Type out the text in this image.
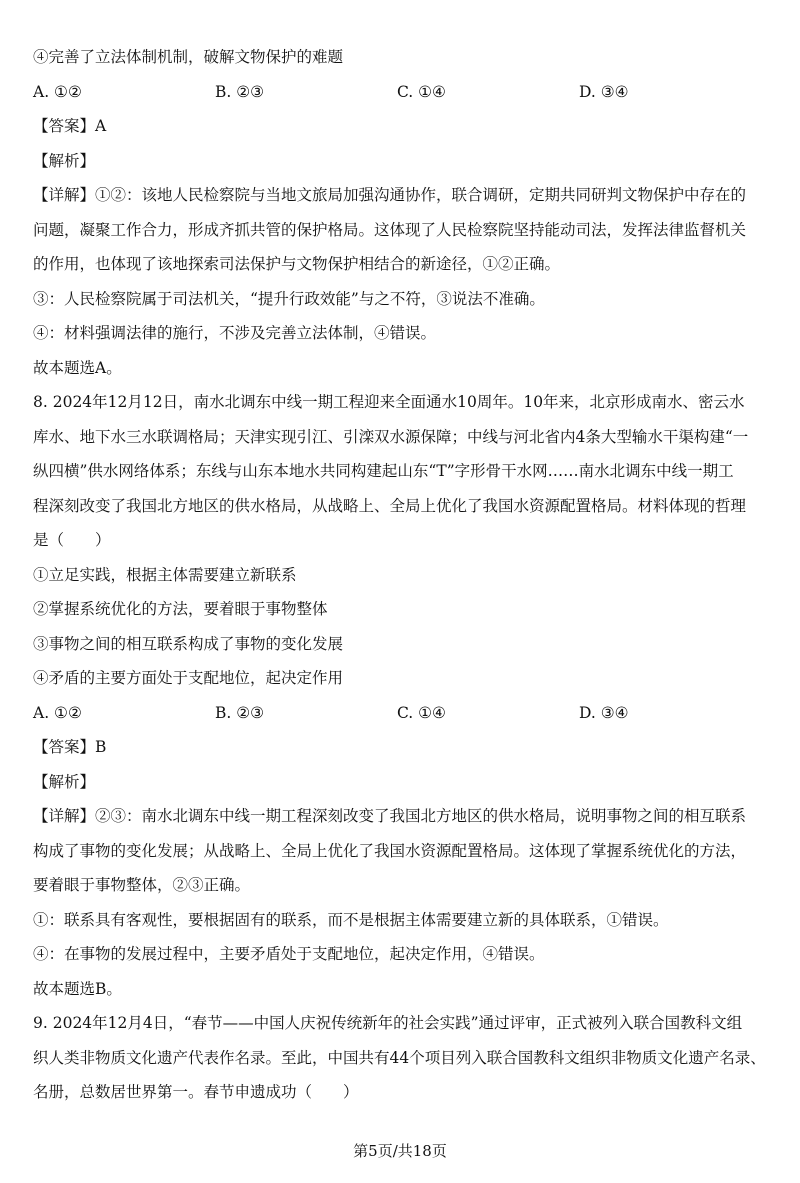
④完善了立法体制机制，破解文物保护的难题
A. ①②	B. ②③	C. ①④	D. ③④
【答案】A
【解析】
【详解】①②：该地人民检察院与当地文旅局加强沟通协作，联合调研，定期共同研判文物保护中存在的
问题，凝聚工作合力，形成齐抓共管的保护格局。这体现了人民检察院坚持能动司法，发挥法律监督机关
的作用，也体现了该地探索司法保护与文物保护相结合的新途径，①②正确。
③：人民检察院属于司法机关，“提升行政效能”与之不符，③说法不准确。
④：材料强调法律的施行，不涉及完善立法体制，④错误。
故本题选A。
8. 2024年12月12日，南水北调东中线一期工程迎来全面通水10周年。10年来，北京形成南水、密云水
库水、地下水三水联调格局；天津实现引江、引滦双水源保障；中线与河北省内4条大型输水干渠构建“一
纵四横”供水网络体系；东线与山东本地水共同构建起山东“T”字形骨干水网……南水北调东中线一期工
程深刻改变了我国北方地区的供水格局，从战略上、全局上优化了我国水资源配置格局。材料体现的哲理
是（　　）
①立足实践，根据主体需要建立新联系
②掌握系统优化的方法，要着眼于事物整体
③事物之间的相互联系构成了事物的变化发展
④矛盾的主要方面处于支配地位，起决定作用
A. ①②	B. ②③	C. ①④	D. ③④
【答案】B
【解析】
【详解】②③：南水北调东中线一期工程深刻改变了我国北方地区的供水格局，说明事物之间的相互联系
构成了事物的变化发展；从战略上、全局上优化了我国水资源配置格局。这体现了掌握系统优化的方法，
要着眼于事物整体，②③正确。
①：联系具有客观性，要根据固有的联系，而不是根据主体需要建立新的具体联系，①错误。
④：在事物的发展过程中，主要矛盾处于支配地位，起决定作用，④错误。
故本题选B。
9. 2024年12月4日，“春节——中国人庆祝传统新年的社会实践”通过评审，正式被列入联合国教科文组
织人类非物质文化遗产代表作名录。至此，中国共有44个项目列入联合国教科文组织非物质文化遗产名录、
名册，总数居世界第一。春节申遗成功（　　）
第5页/共18页
